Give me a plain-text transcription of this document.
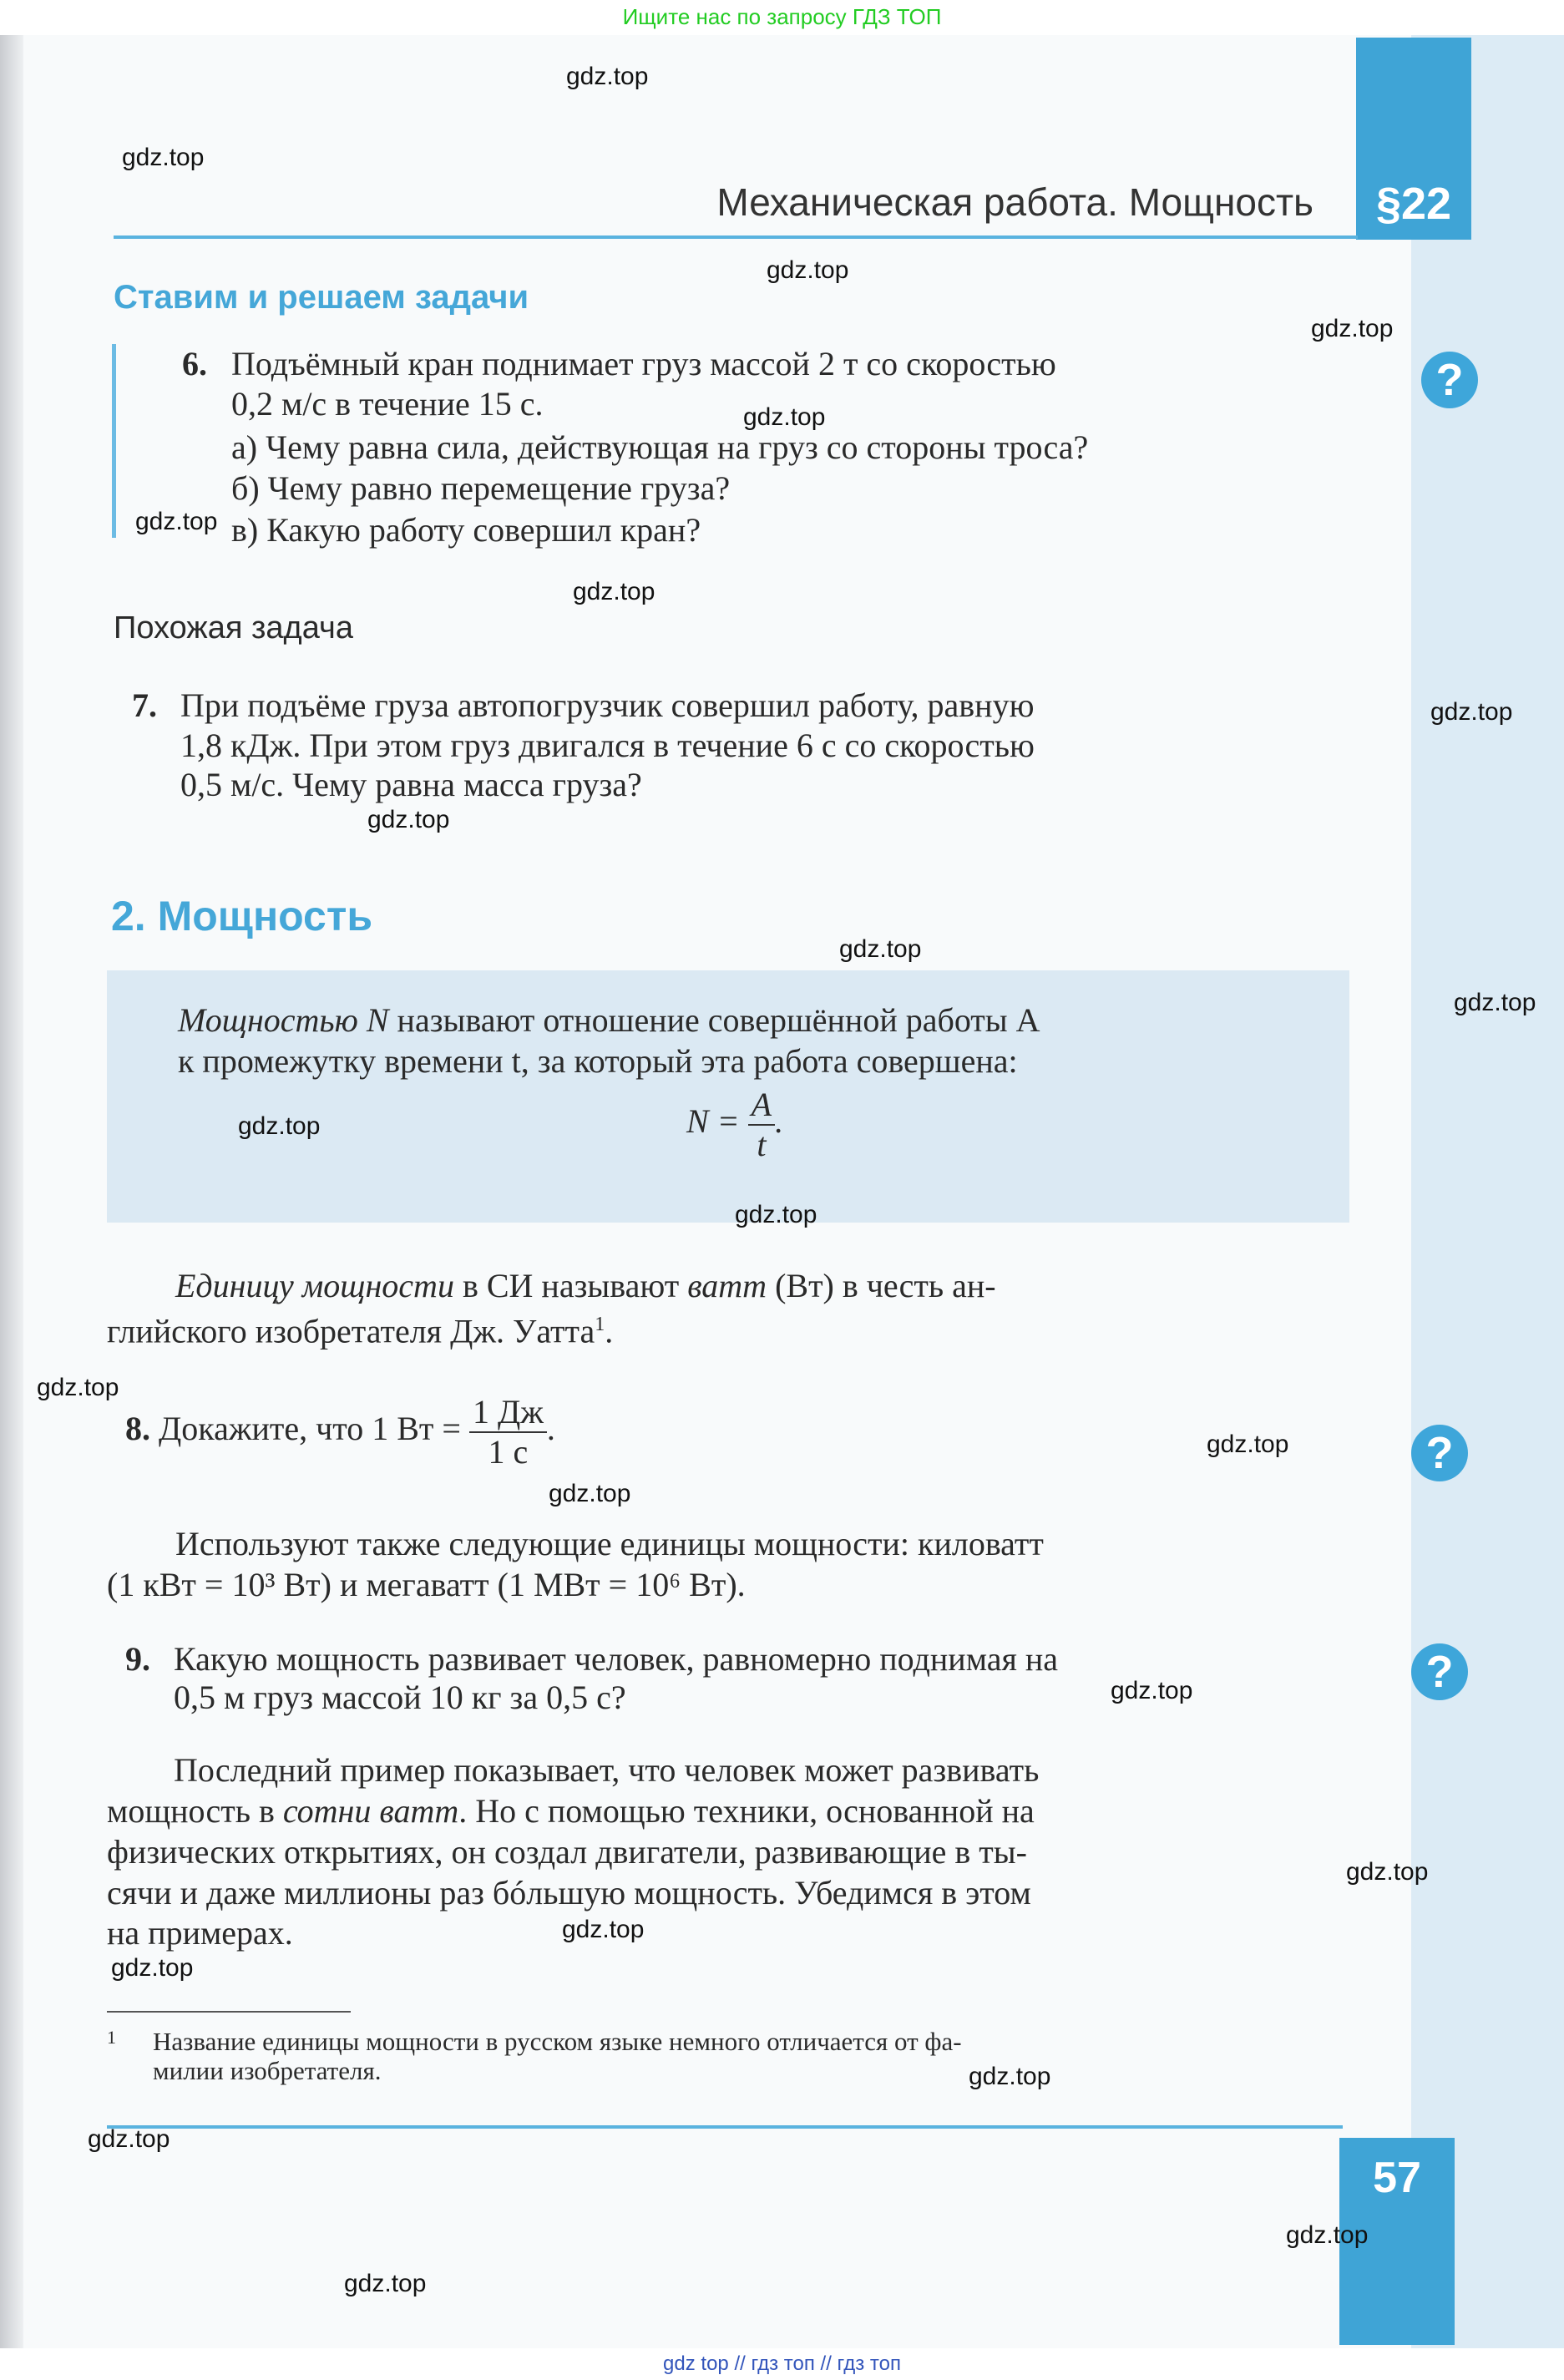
Ищите нас по запросу ГДЗ ТОП
§22
Механическая работа. Мощность
Ставим и решаем задачи
6. Подъёмный кран поднимает груз массой 2 т со скоростью
0,2 м/с в течение 15 с.
а) Чему равна сила, действующая на груз со стороны троса?
б) Чему равно перемещение груза?
в) Какую работу совершил кран?
Похожая задача
7. При подъёме груза автопогрузчик совершил работу, равную
1,8 кДж. При этом груз двигался в течение 6 с со скоростью
0,5 м/с. Чему равна масса груза?
2. Мощность
Мощностью N называют отношение совершённой работы A
к промежутку времени t, за который эта работа совершена:
$N = \frac{A}{t}$ .
Единицу мощности в СИ называют ватт (Вт) в честь ан-
глийского изобретателя Дж. Уатта$^1$.
8. Докажите, что 1 Вт = $\frac{1 Дж}{1 с}$ .
Используют также следующие единицы мощности: киловатт
(1 кВт = 10³ Вт) и мегаватт (1 МВт = 10⁶ Вт).
9. Какую мощность развивает человек, равномерно поднимая на
0,5 м груз массой 10 кг за 0,5 с?
Последний пример показывает, что человек может развивать
мощность в сотни ватт. Но с помощью техники, основанной на
физических открытиях, он создал двигатели, развивающие в ты-
сячи и даже миллионы раз бóльшую мощность. Убедимся в этом
на примерах.
1 Название единицы мощности в русском языке немного отличается от фа-
милии изобретателя.
57
?
?
?
gdz.top
gdz.top
gdz.top
gdz.top
gdz.top
gdz.top
gdz.top
gdz.top
gdz.top
gdz.top
gdz.top
gdz.top
gdz.top
gdz.top
gdz.top
gdz.top
gdz.top
gdz.top
gdz.top
gdz.top
gdz.top
gdz.top
gdz.top
gdz.top
gdz top // гдз топ // гдз топ
